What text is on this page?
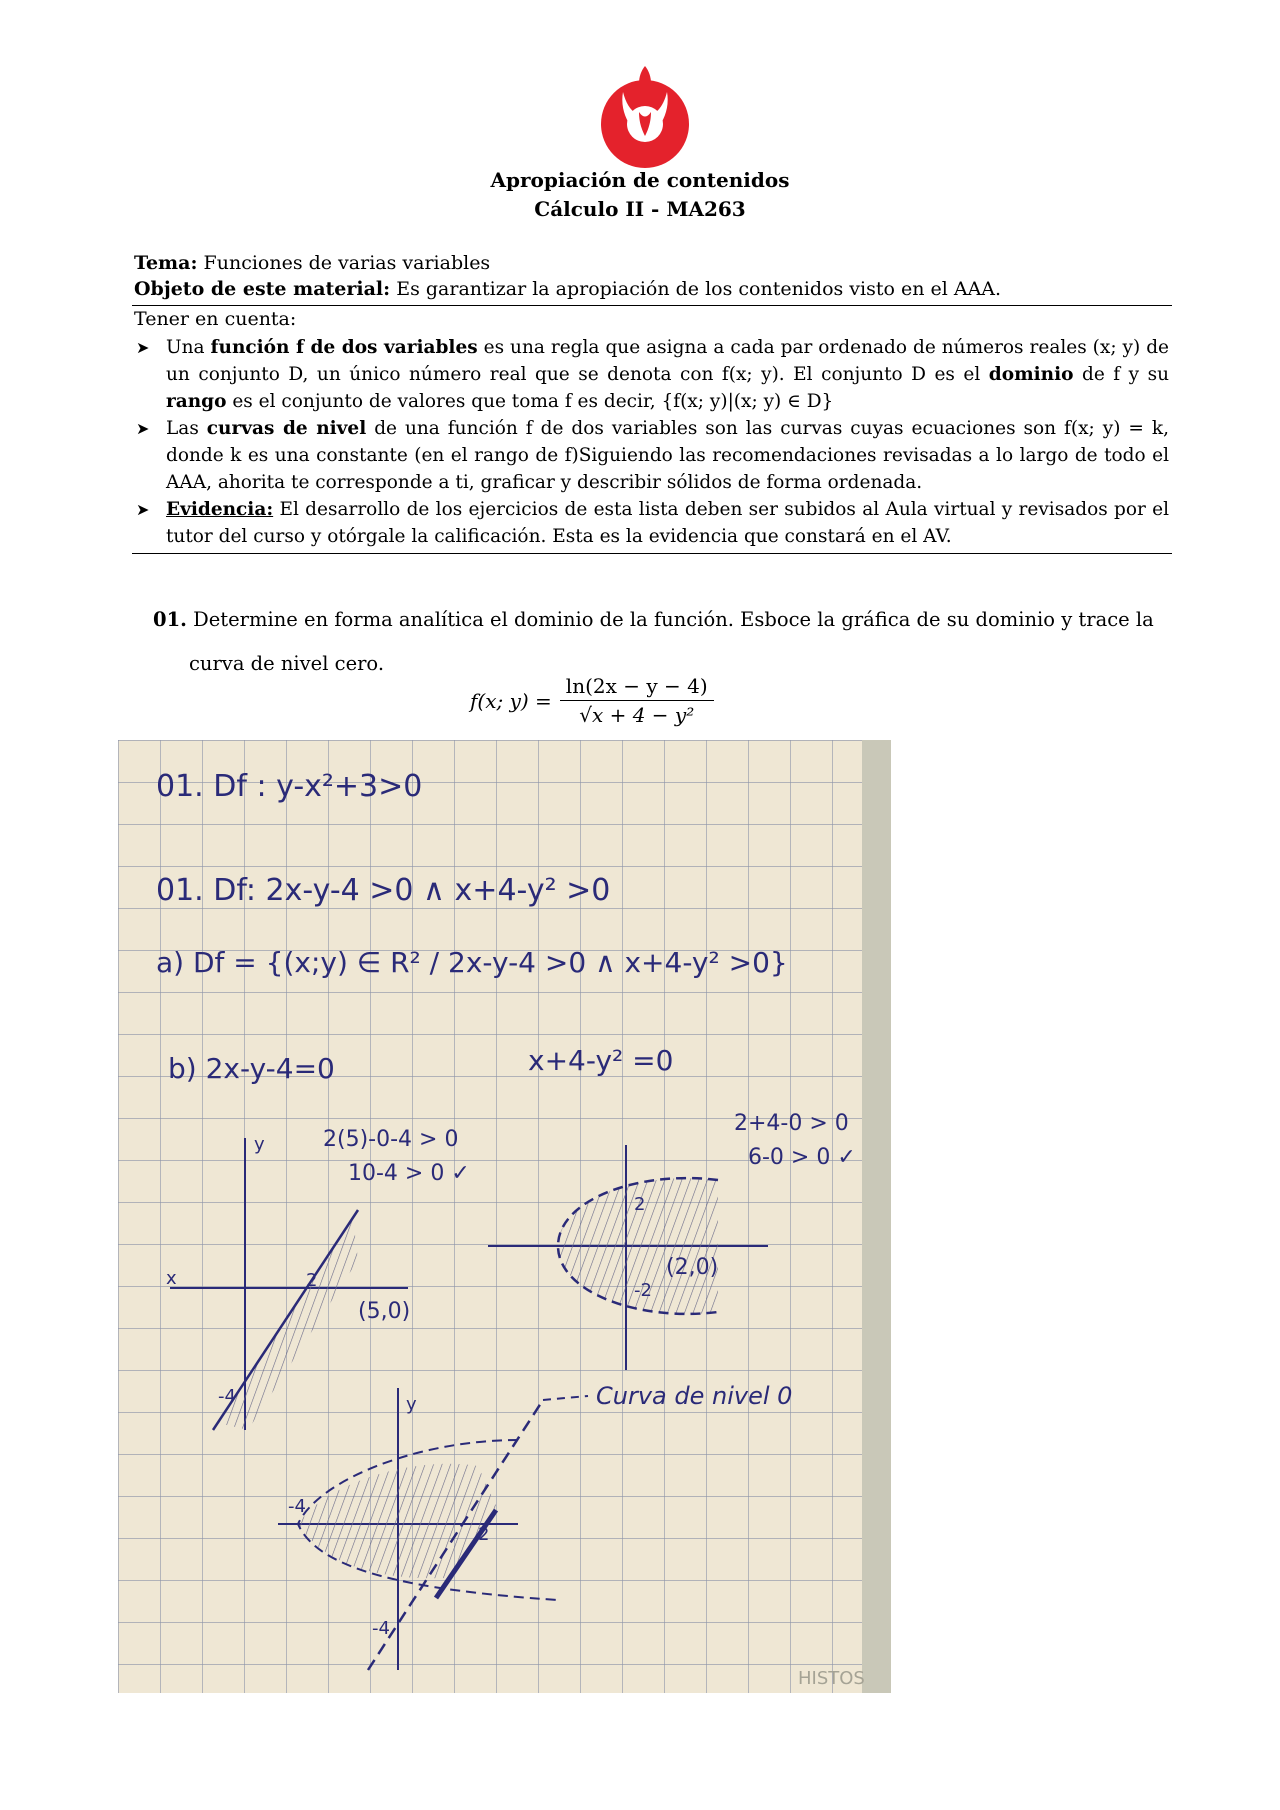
Apropiación de contenidos
Cálculo II - MA263
Tema: Funciones de varias variables
Objeto de este material: Es garantizar la apropiación de los contenidos visto en el AAA.
Tener en cuenta:
➤ Una función f de dos variables es una regla que asigna a cada par ordenado de números reales (x; y) de un conjunto D, un único número real que se denota con f(x; y). El conjunto D es el dominio de f y su rango es el conjunto de valores que toma f es decir, {f(x; y)|(x; y) ∈ D}
➤ Las curvas de nivel de una función f de dos variables son las curvas cuyas ecuaciones son f(x; y) = k, donde k es una constante (en el rango de f)Siguiendo las recomendaciones revisadas a lo largo de todo el AAA, ahorita te corresponde a ti, graficar y describir sólidos de forma ordenada.
➤ Evidencia: El desarrollo de los ejercicios de esta lista deben ser subidos al Aula virtual y revisados por el tutor del curso y otórgale la calificación. Esta es la evidencia que constará en el AV.
01. Determine en forma analítica el dominio de la función. Esboce la gráfica de su dominio y trace la
curva de nivel cero.
f(x; $y) = \frac{\ln(2x - y - 4)}{\text{√x + 4 − y²}}$
01. Df : y-x²+3>0
01. Df: 2x-y-4 >0 ∧ x+4-y² >0
a) Df = {(x;y) ∈ R² / 2x-y-4 >0 ∧ x+4-y² >0}
b) 2x-y-4=0	x+4-y² =0
2(5)-0-4 > 0
10-4 > 0 ✓
2+4-0 > 0
6-0 > 0 ✓
y
x	2
-4
(5,0)
2
-2
(2,0)
Curva de nivel 0
y
2
-4
-4
HISTOS
